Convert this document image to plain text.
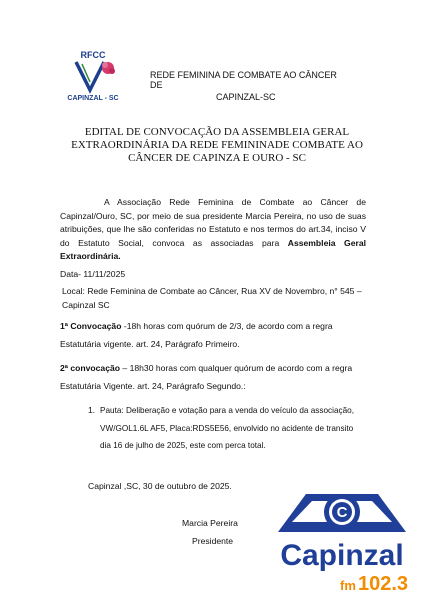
RFCC
CAPINZAL - SC
REDE FEMININA DE COMBATE AO CÂNCER DE
CAPINZAL-SC
EDITAL DE CONVOCAÇÃO DA ASSEMBLEIA GERAL
EXTRAORDINÁRIA DA REDE FEMININADE COMBATE AO
CÂNCER DE CAPINZA E OURO - SC
A Associação Rede Feminina de Combate ao Câncer de Capinzal/Ouro, SC, por meio de sua presidente Marcia Pereira, no uso de suas atribuições, que lhe são conferidas no Estatuto e nos termos do art.34, inciso V do Estatuto Social, convoca as associadas para Assembleia Geral Extraordinária.
Data- 11/11/2025
Local: Rede Feminina de Combate ao Câncer, Rua XV de Novembro, n° 545 – Capinzal SC
1ª Convocação -18h horas com quórum de 2/3, de acordo com a regra
Estatutária vigente. art. 24, Parágrafo Primeiro.
2ª convocação – 18h30 horas com qualquer quórum de acordo com a regra
Estatutária Vigente. art. 24, Parágrafo Segundo.:
1. Pauta: Deliberação e votação para a venda do veículo da associação,
VW/GOL1.6L AF5, Placa:RDS5E56, envolvido no acidente de transito
dia 16 de julho de 2025, este com perca total.
Capinzal ,SC, 30 de outubro de 2025.
Marcia Pereira
Presidente
C
Capinzal
fm 102.3
